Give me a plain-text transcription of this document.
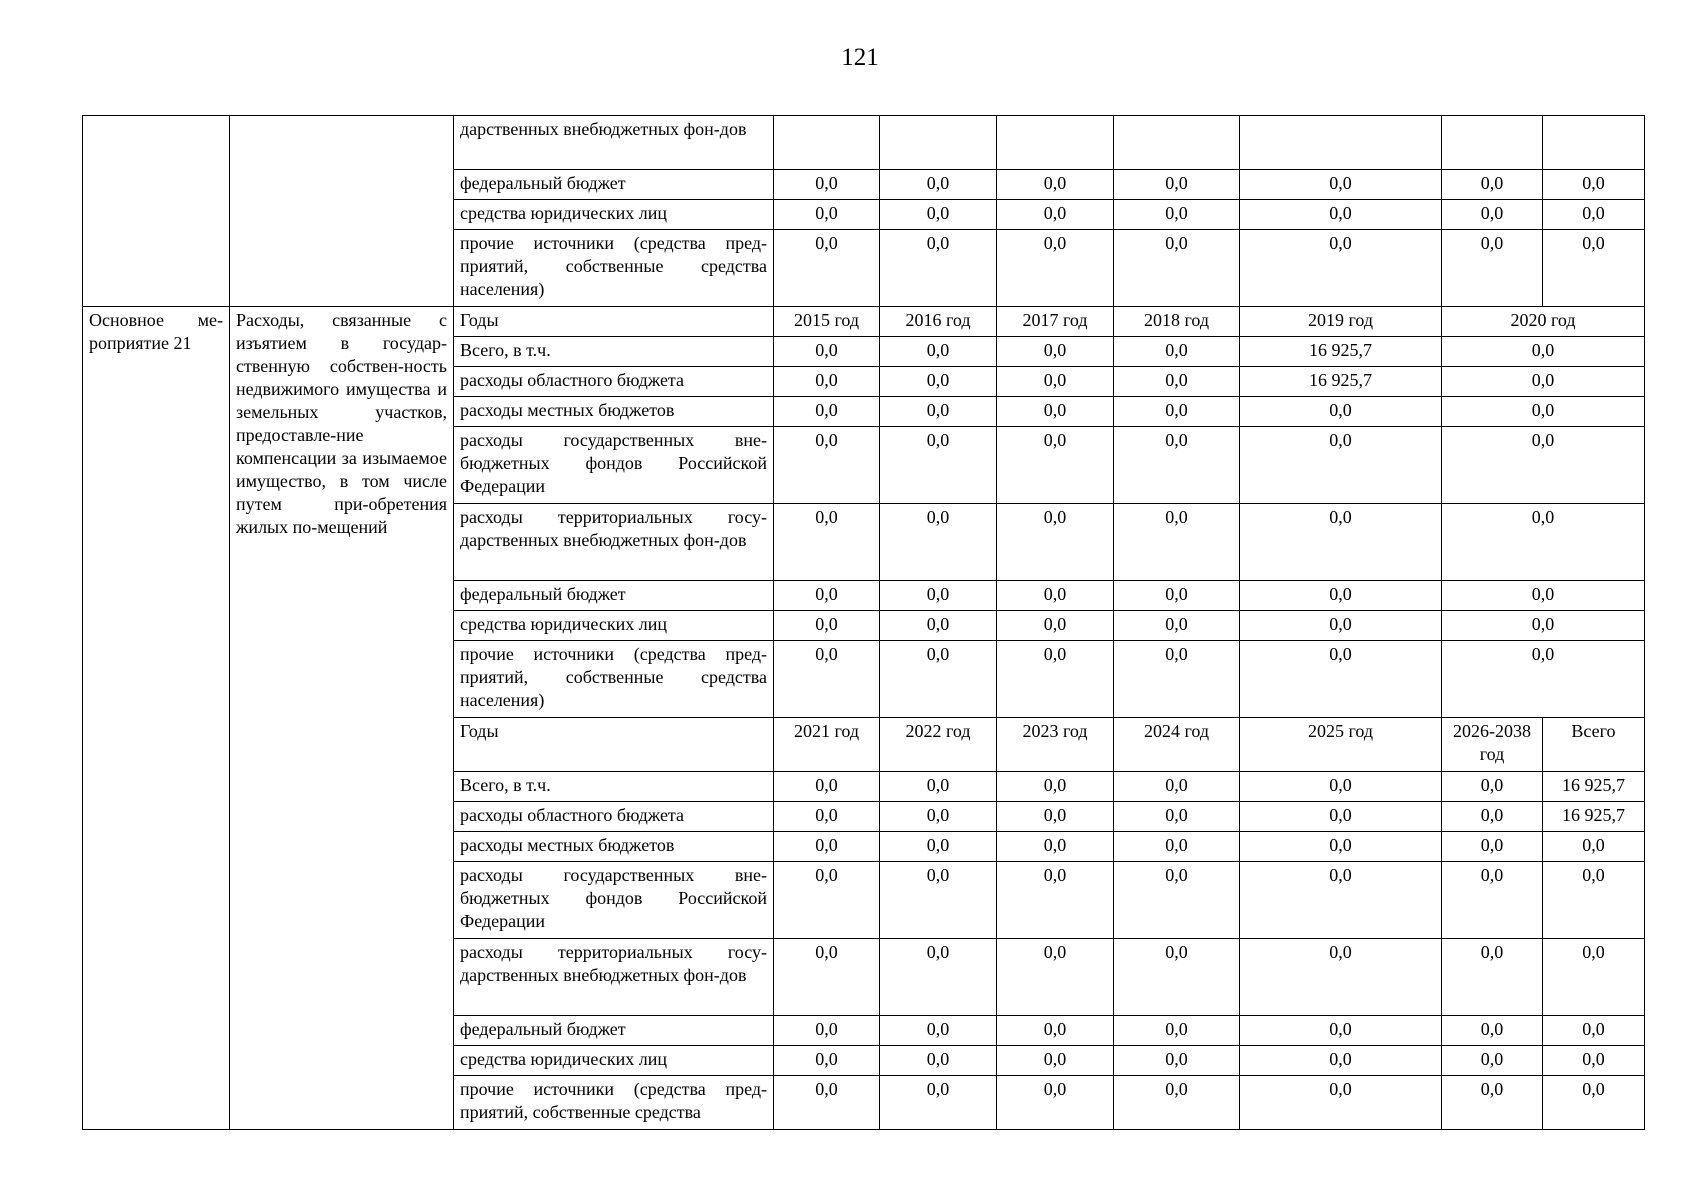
121
		дарственных внебюджетных фон-дов							
		федеральный бюджет	0,0	0,0	0,0	0,0	0,0	0,0	0,0
		средства юридических лиц	0,0	0,0	0,0	0,0	0,0	0,0	0,0
		прочие источники (средства пред-приятий, собственные средства населения)	0,0	0,0	0,0	0,0	0,0	0,0	0,0
Основное ме-роприятие 21	Расходы, связанные с изъятием в государ-ственную собствен-ность недвижимого имущества и земельных участков, предоставле-ние компенсации за изымаемое имущество, в том числе путем при-обретения жилых по-мещений	Годы	2015 год	2016 год	2017 год	2018 год	2019 год	2020 год	
		Всего, в т.ч.	0,0	0,0	0,0	0,0	16 925,7	0,0	
		расходы областного бюджета	0,0	0,0	0,0	0,0	16 925,7	0,0	
		расходы местных бюджетов	0,0	0,0	0,0	0,0	0,0	0,0	
		расходы государственных вне-бюджетных фондов Российской Федерации	0,0	0,0	0,0	0,0	0,0	0,0	
		расходы территориальных госу-дарственных внебюджетных фон-дов	0,0	0,0	0,0	0,0	0,0	0,0	
		федеральный бюджет	0,0	0,0	0,0	0,0	0,0	0,0	
		средства юридических лиц	0,0	0,0	0,0	0,0	0,0	0,0	
		прочие источники (средства пред-приятий, собственные средства населения)	0,0	0,0	0,0	0,0	0,0	0,0	
		Годы	2021 год	2022 год	2023 год	2024 год	2025 год	2026-2038 год	Всего
		Всего, в т.ч.	0,0	0,0	0,0	0,0	0,0	0,0	16 925,7
		расходы областного бюджета	0,0	0,0	0,0	0,0	0,0	0,0	16 925,7
		расходы местных бюджетов	0,0	0,0	0,0	0,0	0,0	0,0	0,0
		расходы государственных вне-бюджетных фондов Российской Федерации	0,0	0,0	0,0	0,0	0,0	0,0	0,0
		расходы территориальных госу-дарственных внебюджетных фон-дов	0,0	0,0	0,0	0,0	0,0	0,0	0,0
		федеральный бюджет	0,0	0,0	0,0	0,0	0,0	0,0	0,0
		средства юридических лиц	0,0	0,0	0,0	0,0	0,0	0,0	0,0
		прочие источники (средства пред-приятий, собственные средства	0,0	0,0	0,0	0,0	0,0	0,0	0,0
